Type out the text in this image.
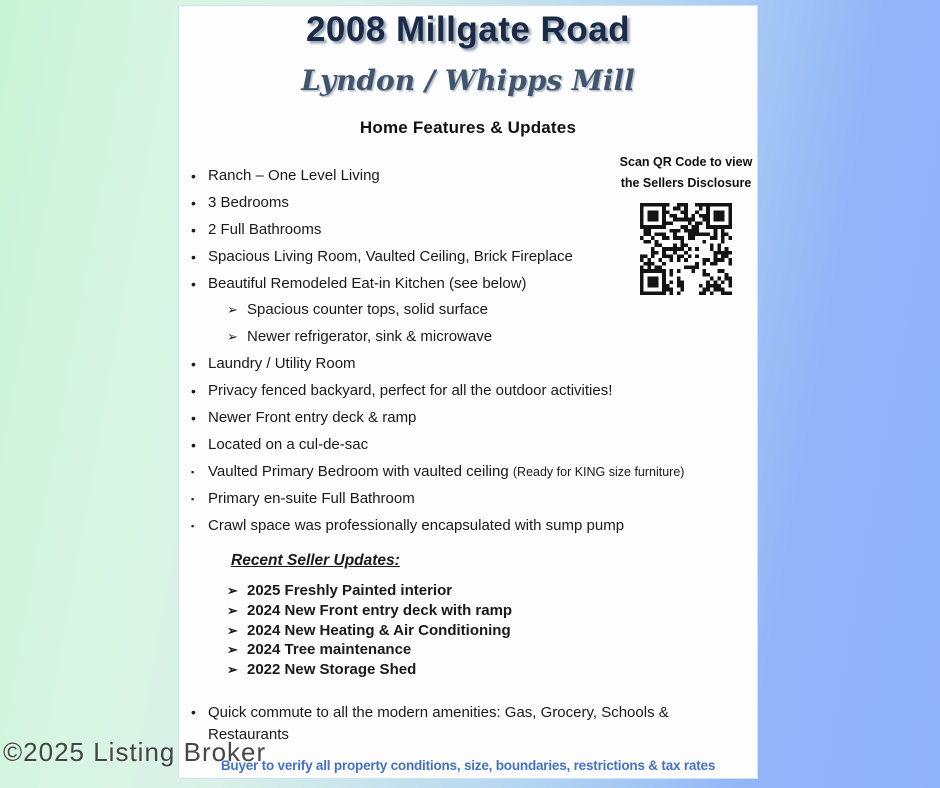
2008 Millgate Road
Lyndon / Whipps Mill
Home Features & Updates
Scan QR Code to view
the Sellers Disclosure
• Ranch – One Level Living
• 3 Bedrooms
• 2 Full Bathrooms
• Spacious Living Room, Vaulted Ceiling, Brick Fireplace
• Beautiful Remodeled Eat-in Kitchen (see below)
➢ Spacious counter tops, solid surface
➢ Newer refrigerator, sink & microwave
• Laundry / Utility Room
• Privacy fenced backyard, perfect for all the outdoor activities!
• Newer Front entry deck & ramp
• Located on a cul-de-sac
▪ Vaulted Primary Bedroom with vaulted ceiling (Ready for KING size furniture)
▪ Primary en-suite Full Bathroom
▪ Crawl space was professionally encapsulated with sump pump
Recent Seller Updates:
➢ 2025 Freshly Painted interior
➢ 2024 New Front entry deck with ramp
➢ 2024 New Heating & Air Conditioning
➢ 2024 Tree maintenance
➢ 2022 New Storage Shed
• Quick commute to all the modern amenities: Gas, Grocery, Schools & Restaurants
Buyer to verify all property conditions, size, boundaries, restrictions & tax rates
©2025 Listing Broker
